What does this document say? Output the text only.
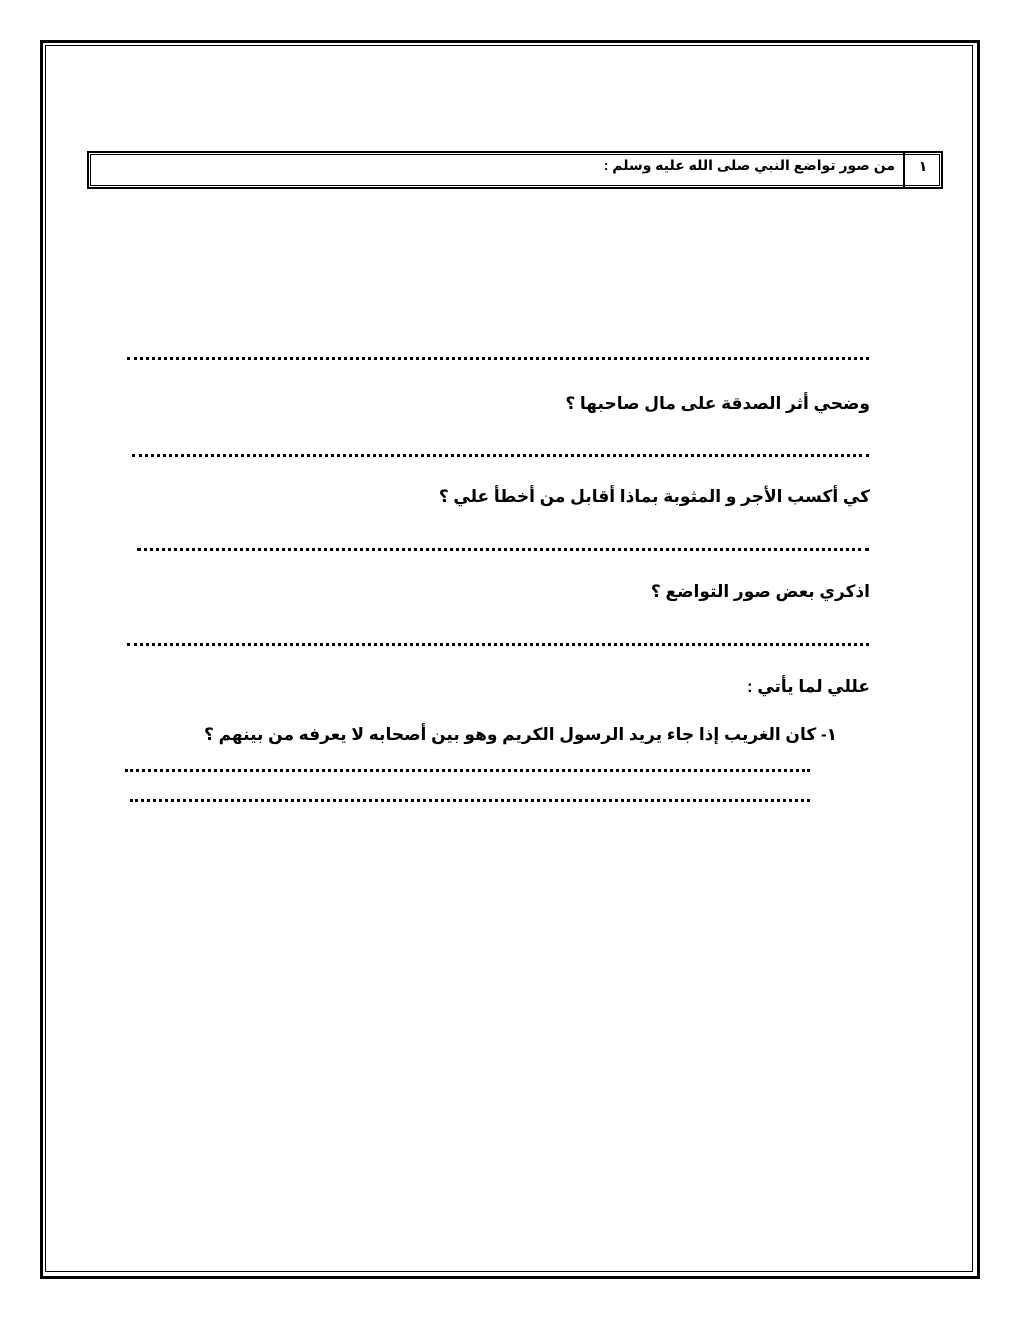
١
من صور تواضع النبي صلى الله عليه وسلم :
وضحي أثر الصدقة على مال صاحبها ؟
كي أكسب الأجر و المثوبة بماذا أقابل من أخطأ علي ؟
اذكري بعض صور التواضع ؟
عللي لما يأتي :
١- كان الغريب إذا جاء يريد الرسول الكريم وهو بين أصحابه لا يعرفه من بينهم ؟
